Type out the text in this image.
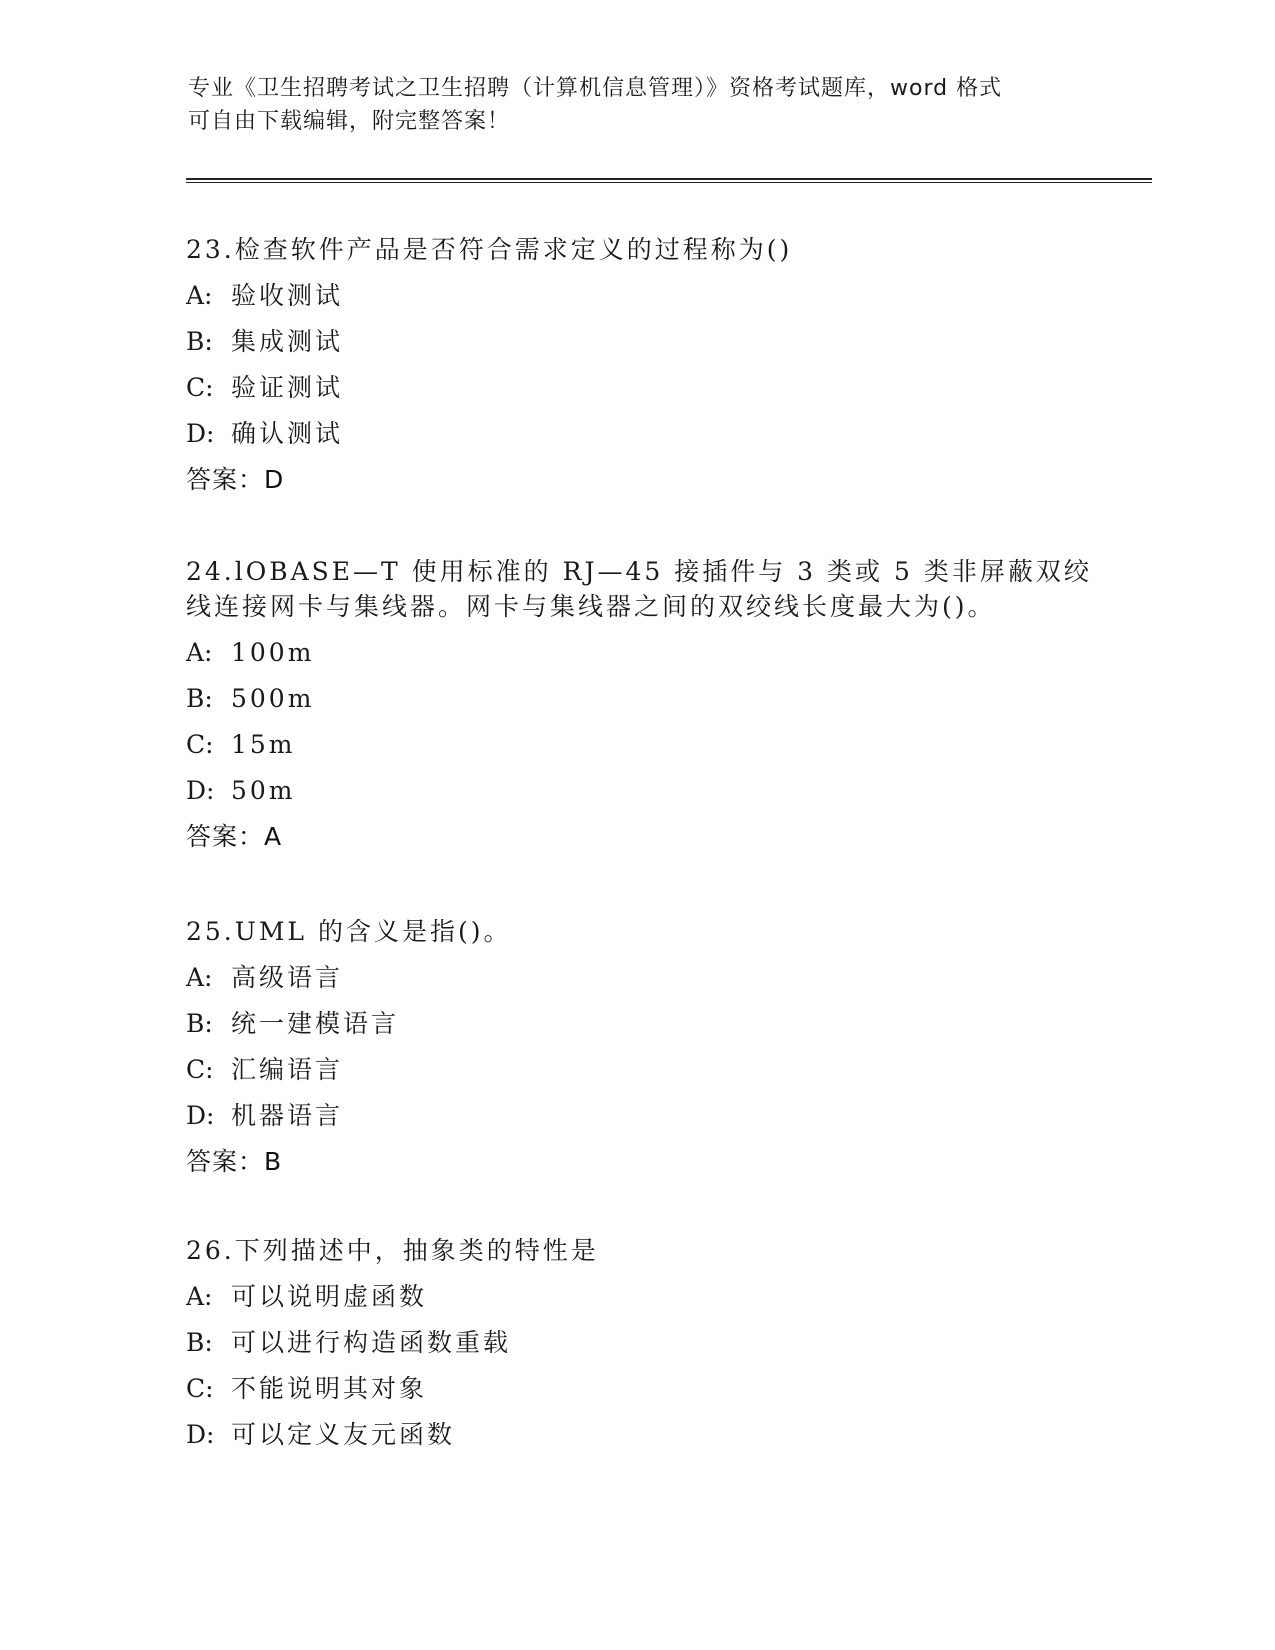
专业《卫生招聘考试之卫生招聘（计算机信息管理）》资格考试题库，word 格式
可自由下载编辑，附完整答案！
23.检查软件产品是否符合需求定义的过程称为()
A: 验收测试
B: 集成测试
C: 验证测试
D: 确认测试
答案：D
24.lOBASE—T 使用标准的 RJ—45 接插件与 3 类或 5 类非屏蔽双绞线连接网卡与集线器。网卡与集线器之间的双绞线长度最大为()。
A: 100m
B: 500m
C: 15m
D: 50m
答案：A
25.UML 的含义是指()。
A: 高级语言
B: 统一建模语言
C: 汇编语言
D: 机器语言
答案：B
26.下列描述中，抽象类的特性是
A: 可以说明虚函数
B: 可以进行构造函数重载
C: 不能说明其对象
D: 可以定义友元函数
